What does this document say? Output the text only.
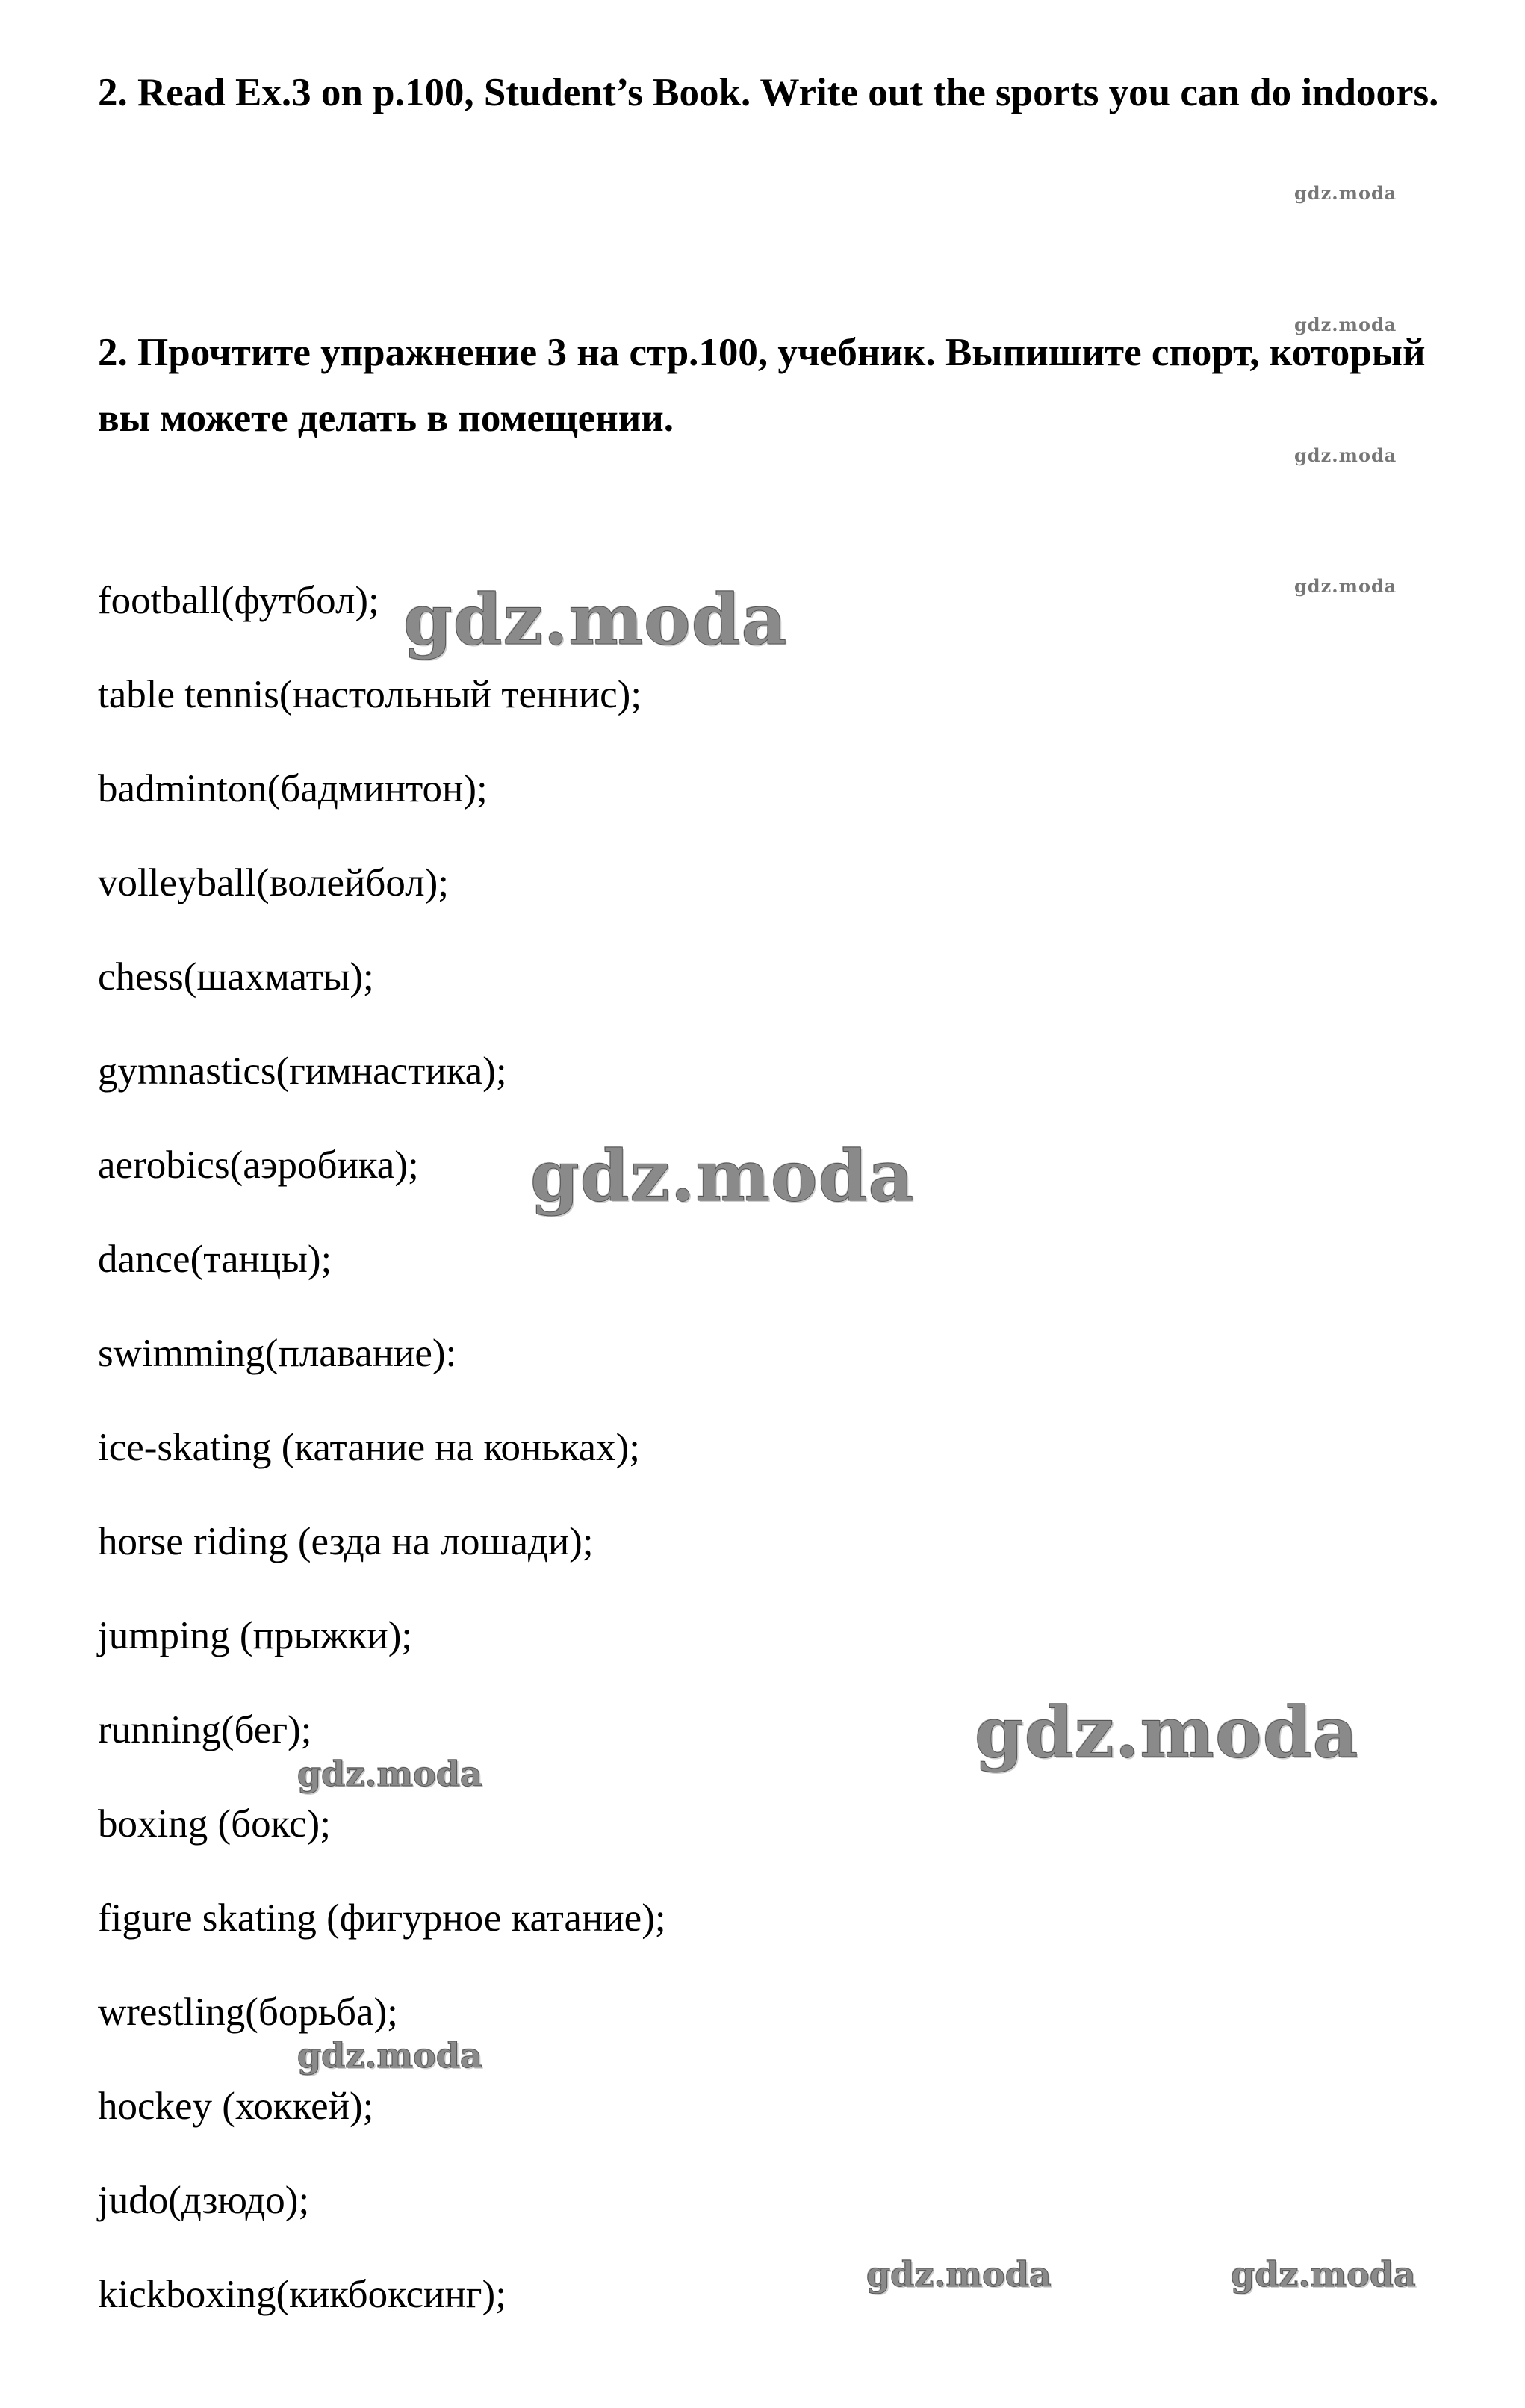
2. Read Ex.3 on p.100, Student’s Book. Write out the sports you can do indoors.

2. Прочтите упражнение 3 на стр.100, учебник. Выпишите спорт, который вы можете делать в помещении.

football(футбол);
table tennis(настольный теннис);
badminton(бадминтон);
volleyball(волейбол);
chess(шахматы);
gymnastics(гимнастика);
aerobics(аэробика);
dance(танцы);
swimming(плавание):
ice-skating (катание на коньках);
horse riding (езда на лошади);
jumping (прыжки);
running(бег);
boxing (бокс);
figure skating (фигурное катание);
wrestling(борьба);
hockey (хоккей);
judo(дзюдо);
kickboxing(кикбоксинг);
gdz.moda
gdz.moda
gdz.moda
gdz.moda
gdz.moda
gdz.moda
gdz.moda
gdz.moda
gdz.moda
gdz.moda	gdz.moda
